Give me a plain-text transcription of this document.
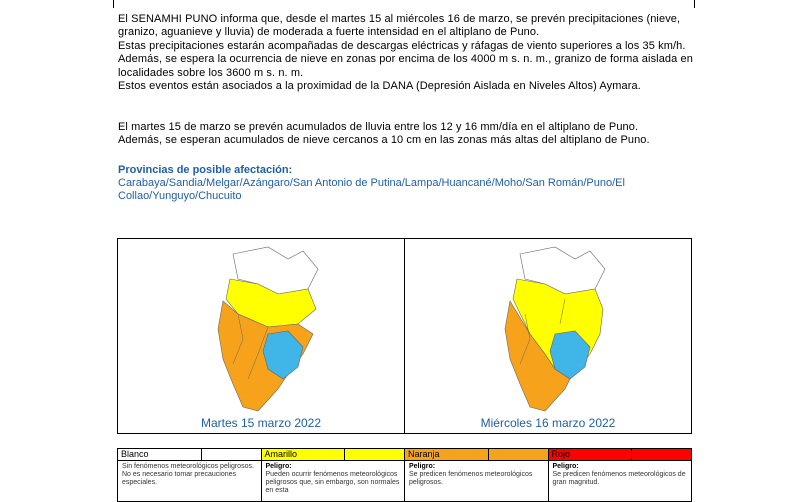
El SENAMHI PUNO informa que, desde el martes 15 al miércoles 16 de marzo, se prevén precipitaciones (nieve, granizo, aguanieve y lluvia) de moderada a fuerte intensidad en el altiplano de Puno.

Estas precipitaciones estarán acompañadas de descargas eléctricas y ráfagas de viento superiores a los 35 km/h.

Además, se espera la ocurrencia de nieve en zonas por encima de los 4000 m s. n. m., granizo de forma aislada en localidades sobre los 3600 m s. n. m.

Estos eventos están asociados a la proximidad de la DANA (Depresión Aislada en Niveles Altos) Aymara.

El martes 15 de marzo se prevén acumulados de lluvia entre los 12 y 16 mm/día en el altiplano de Puno.

Además, se esperan acumulados de nieve cercanos a 10 cm en las zonas más altas del altiplano de Puno.

Provincias de posible afectación:
Carabaya/Sandia/Melgar/Azángaro/San Antonio de Putina/Lampa/Huancané/Moho/San Román/Puno/El Collao/Yunguyo/Chucuito
Martes 15 marzo 2022	Miércoles 16 marzo 2022
Blanco
Sin fenómenos meteorológicos peligrosos.
No es necesario tomar precauciones especiales.
Amarillo
Peligro:
Pueden ocurrir fenómenos meteorológicos peligrosos que, sin embargo, son normales en esta
Naranja
Peligro:
Se predicen fenómenos meteorológicos peligrosos.
Rojo
Peligro:
Se predicen fenómenos meteorológicos de gran magnitud.
